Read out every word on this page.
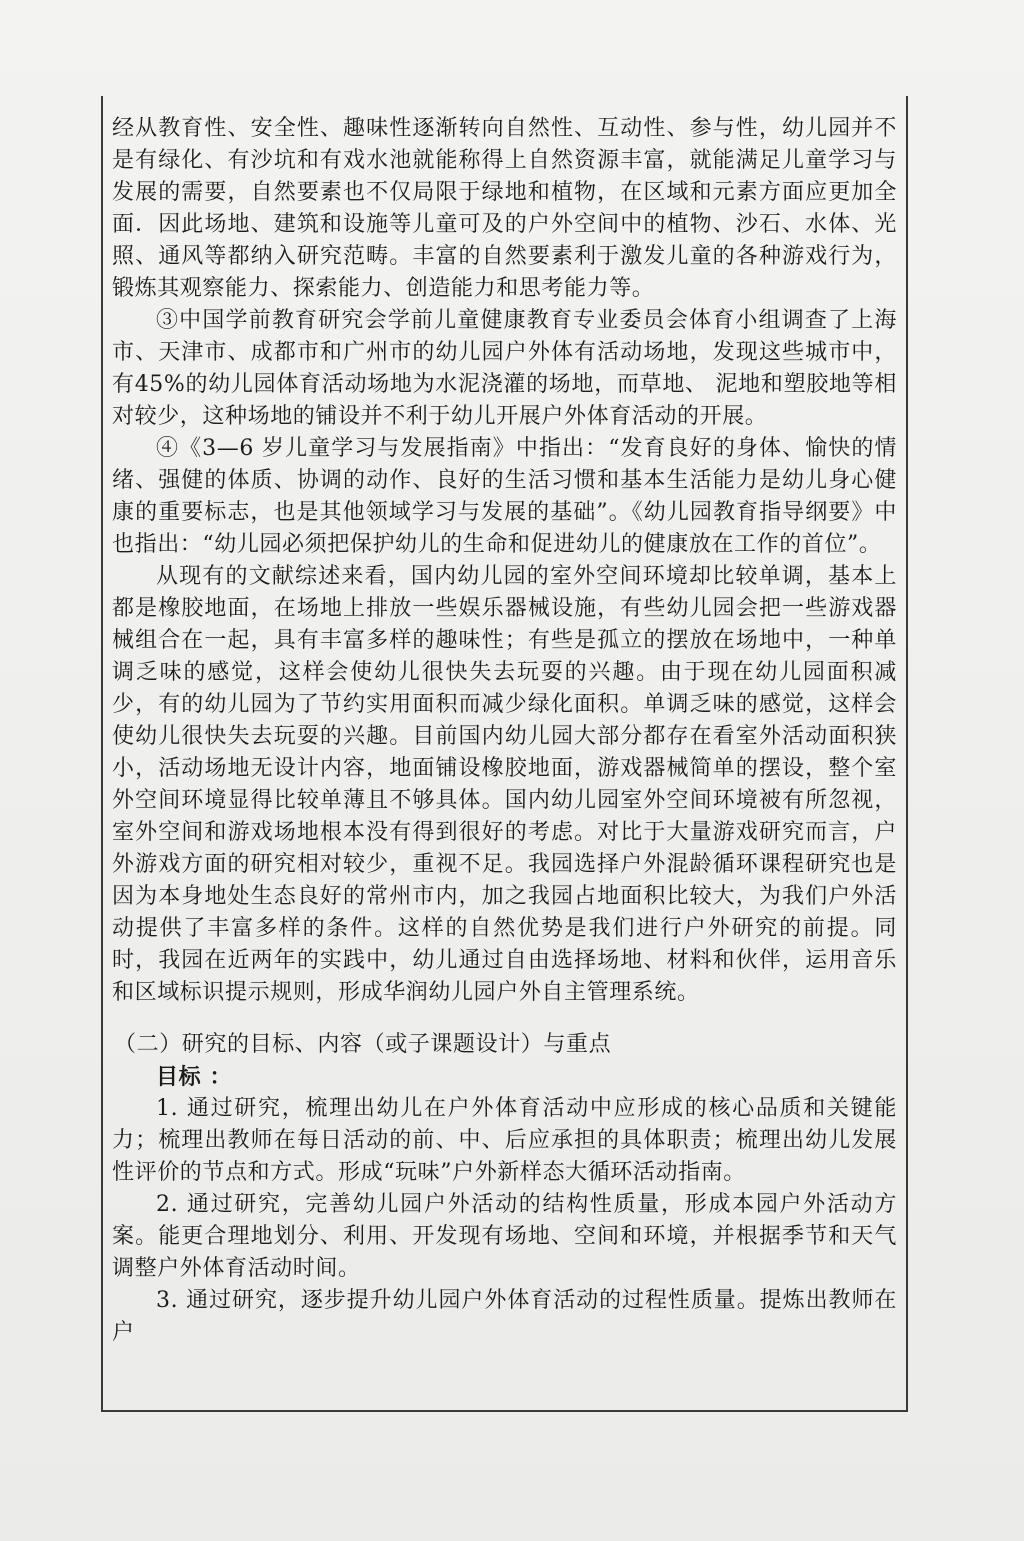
经从教育性、安全性、趣味性逐渐转向自然性、互动性、参与性，幼儿园并不是有绿化、有沙坑和有戏水池就能称得上自然资源丰富，就能满足儿童学习与发展的需要，自然要素也不仅局限于绿地和植物，在区域和元素方面应更加全面．因此场地、建筑和设施等儿童可及的户外空间中的植物、沙石、水体、光照、通风等都纳入研究范畴。丰富的自然要素利于激发儿童的各种游戏行为，锻炼其观察能力、探索能力、创造能力和思考能力等。

③中国学前教育研究会学前儿童健康教育专业委员会体育小组调查了上海市、天津市、成都市和广州市的幼儿园户外体有活动场地，发现这些城市中，有45%的幼儿园体育活动场地为水泥浇灌的场地，而草地、 泥地和塑胶地等相对较少，这种场地的铺设并不利于幼儿开展户外体育活动的开展。

④《3—6 岁儿童学习与发展指南》中指出：“发育良好的身体、愉快的情绪、强健的体质、协调的动作、良好的生活习惯和基本生活能力是幼儿身心健康的重要标志，也是其他领域学习与发展的基础”。《幼儿园教育指导纲要》中也指出：“幼儿园必须把保护幼儿的生命和促进幼儿的健康放在工作的首位”。

从现有的文献综述来看，国内幼儿园的室外空间环境却比较单调，基本上都是橡胶地面，在场地上排放一些娱乐器械设施，有些幼儿园会把一些游戏器械组合在一起，具有丰富多样的趣味性；有些是孤立的摆放在场地中，一种单调乏味的感觉，这样会使幼儿很快失去玩耍的兴趣。由于现在幼儿园面积减少，有的幼儿园为了节约实用面积而减少绿化面积。单调乏味的感觉，这样会使幼儿很快失去玩耍的兴趣。目前国内幼儿园大部分都存在看室外活动面积狭小，活动场地无设计内容，地面铺设橡胶地面，游戏器械简单的摆设，整个室外空间环境显得比较单薄且不够具体。国内幼儿园室外空间环境被有所忽视，室外空间和游戏场地根本没有得到很好的考虑。对比于大量游戏研究而言，户外游戏方面的研究相对较少，重视不足。我园选择户外混龄循环课程研究也是因为本身地处生态良好的常州市内，加之我园占地面积比较大，为我们户外活动提供了丰富多样的条件。这样的自然优势是我们进行户外研究的前提。同时，我园在近两年的实践中，幼儿通过自由选择场地、材料和伙伴，运用音乐和区域标识提示规则，形成华润幼儿园户外自主管理系统。

（二）研究的目标、内容（或子课题设计）与重点

目标 ：

1. 通过研究，梳理出幼儿在户外体育活动中应形成的核心品质和关键能力；梳理出教师在每日活动的前、中、后应承担的具体职责；梳理出幼儿发展性评价的节点和方式。形成“玩味”户外新样态大循环活动指南。

2. 通过研究，完善幼儿园户外活动的结构性质量，形成本园户外活动方案。能更合理地划分、利用、开发现有场地、空间和环境，并根据季节和天气调整户外体育活动时间。

3. 通过研究，逐步提升幼儿园户外体育活动的过程性质量。提炼出教师在户
